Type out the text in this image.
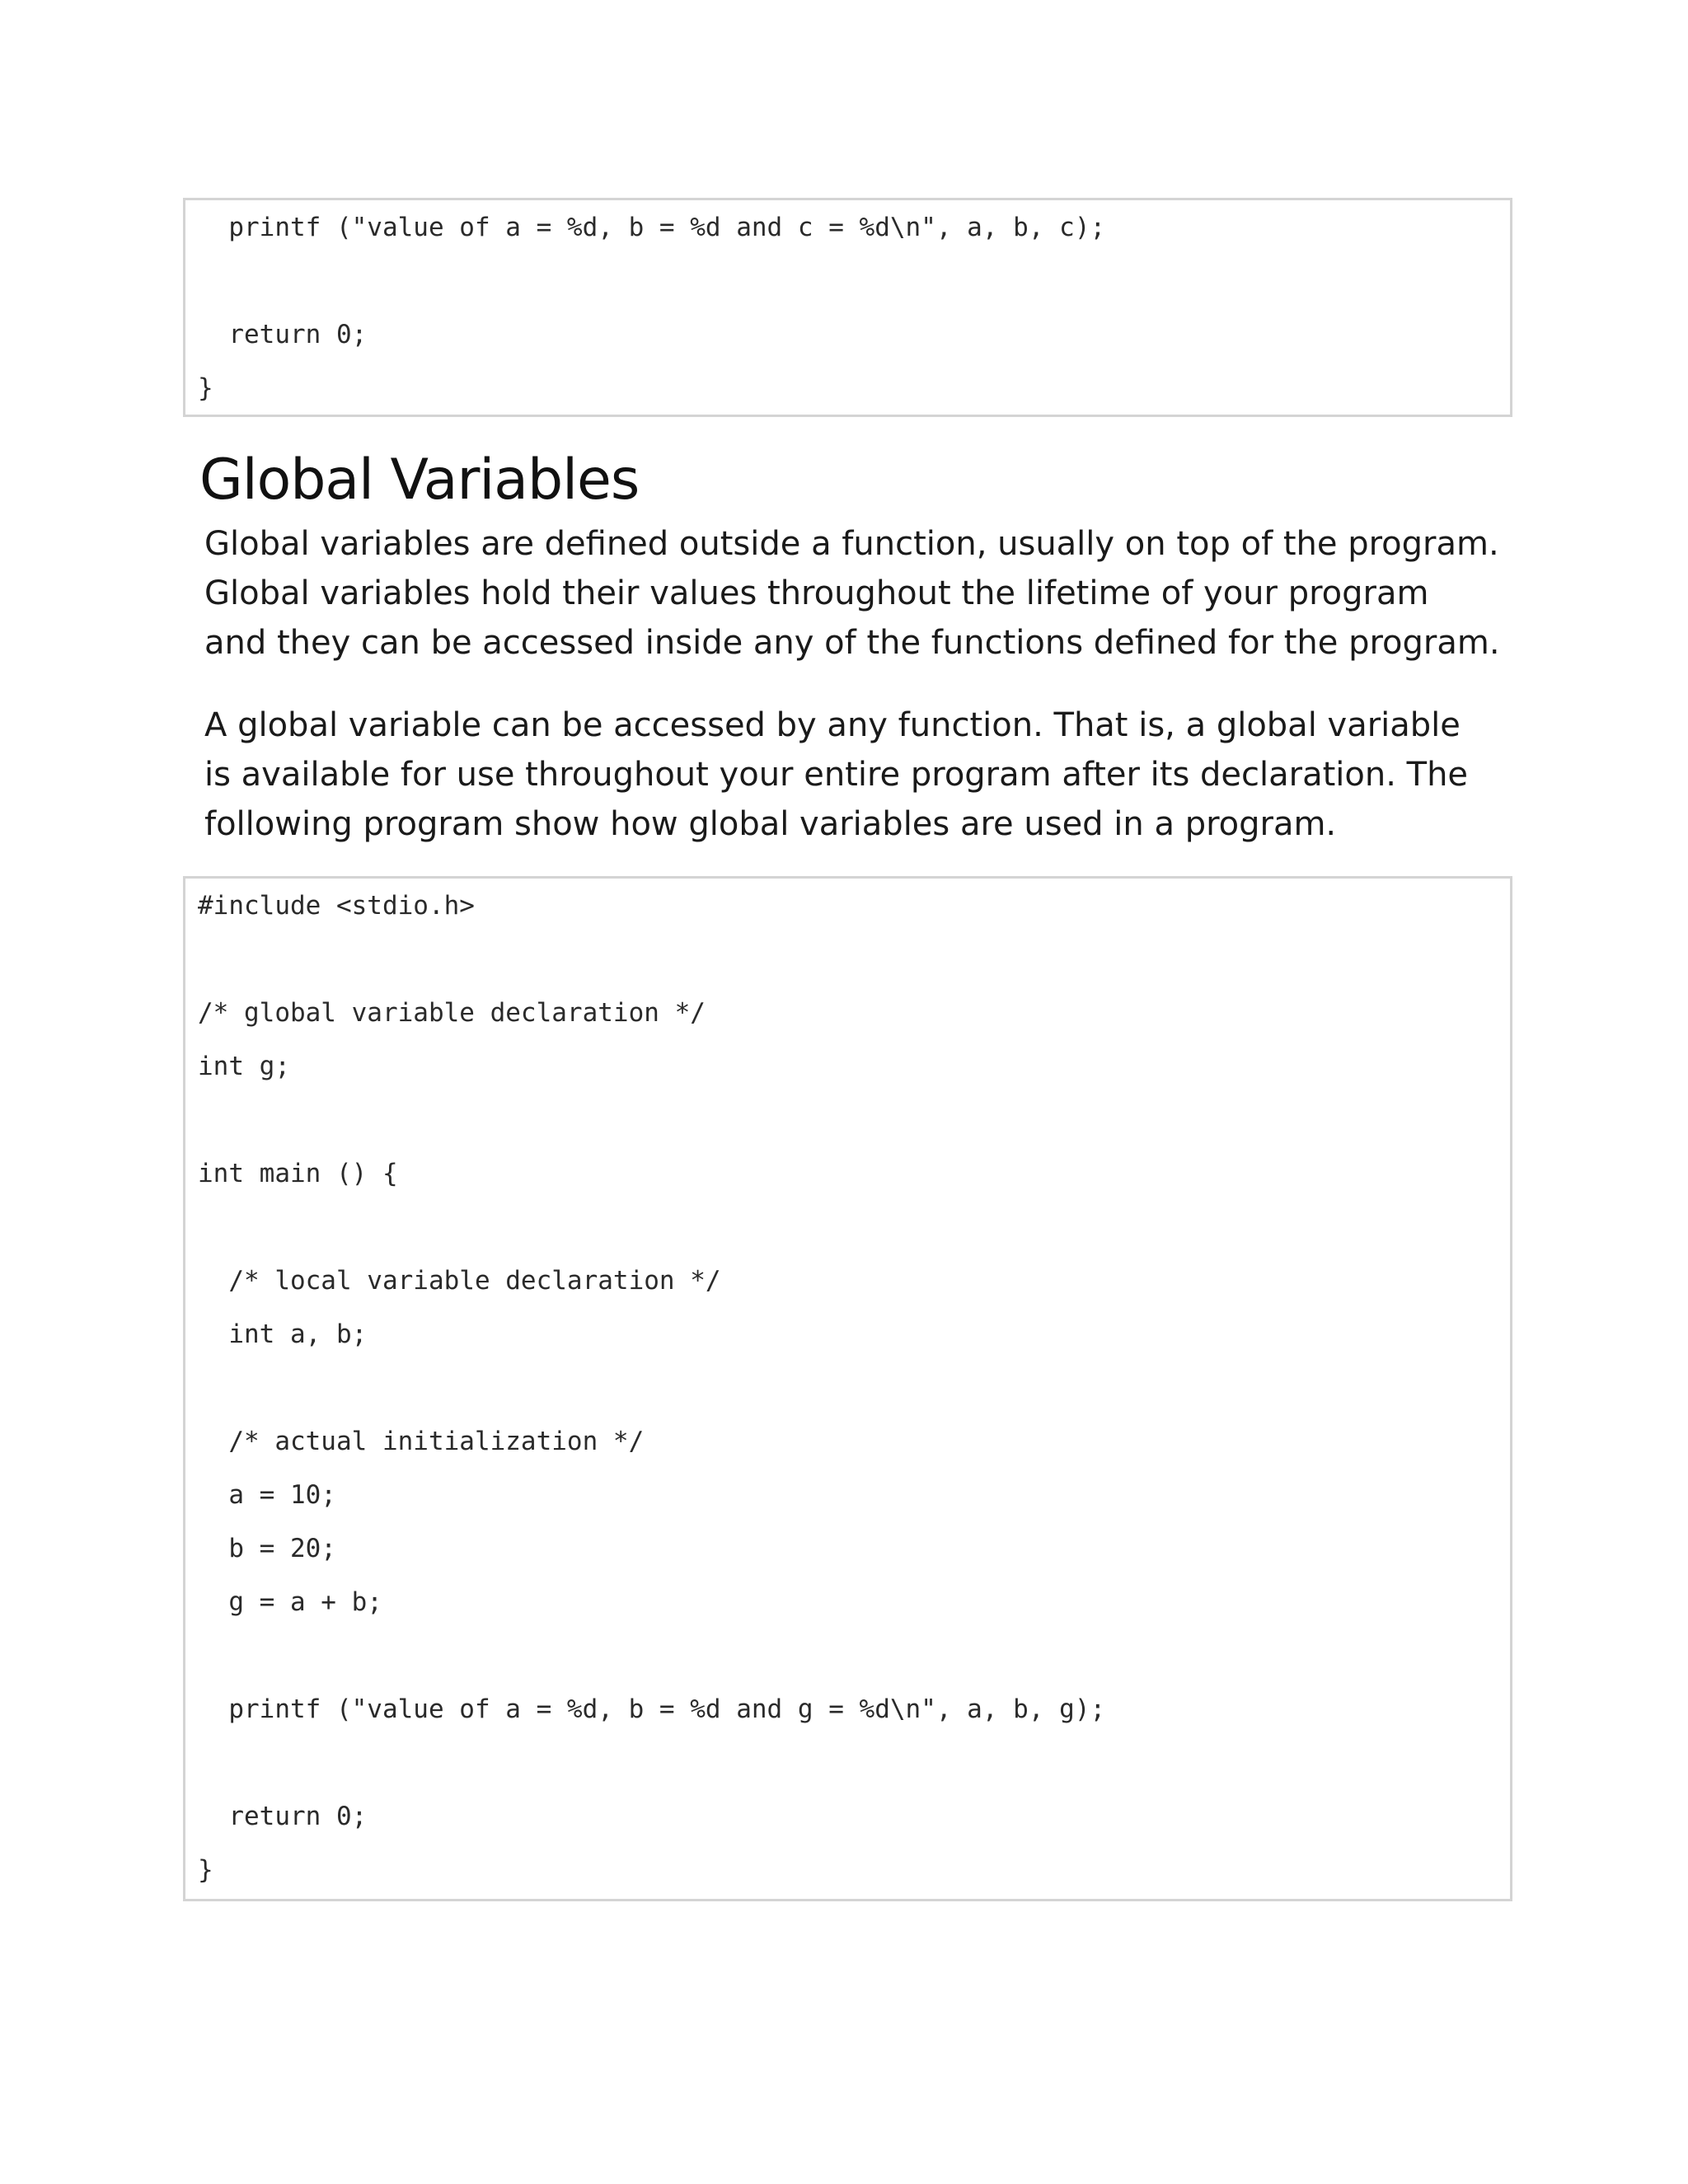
printf ("value of a = %d, b = %d and c = %d\n", a, b, c);
return 0;
}
Global Variables
Global variables are defined outside a function, usually on top of the program.
Global variables hold their values throughout the lifetime of your program
and they can be accessed inside any of the functions defined for the program.
A global variable can be accessed by any function. That is, a global variable
is available for use throughout your entire program after its declaration. The
following program show how global variables are used in a program.
#include <stdio.h>
/* global variable declaration */
int g;
int main () {
/* local variable declaration */
int a, b;
/* actual initialization */
a = 10;
b = 20;
g = a + b;
printf ("value of a = %d, b = %d and g = %d\n", a, b, g);
return 0;
}
